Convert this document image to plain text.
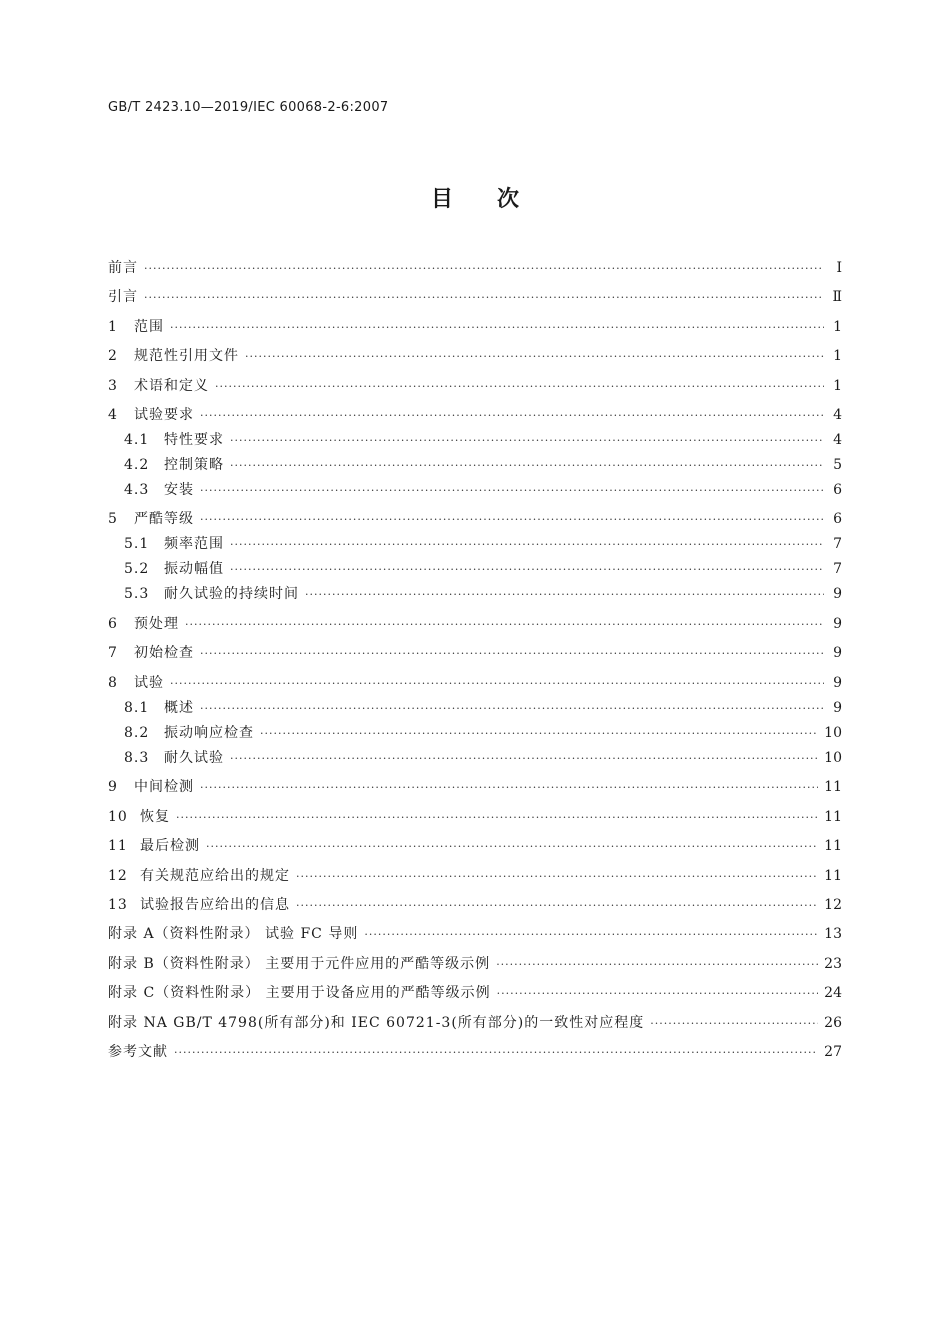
GB/T 2423.10—2019/IEC 60068-2-6:2007
目 次
前言 ·····	Ⅰ
引言 ·····	Ⅱ
1 范围 ·····	1
2 规范性引用文件 ·····	1
3 术语和定义 ·····	1
4 试验要求 ·····	4
4.1 特性要求 ·····	4
4.2 控制策略 ·····	5
4.3 安装 ·····	6
5 严酷等级 ·····	6
5.1 频率范围 ·····	7
5.2 振动幅值 ·····	7
5.3 耐久试验的持续时间 ·····	9
6 预处理 ·····	9
7 初始检查 ·····	9
8 试验 ·····	9
8.1 概述 ·····	9
8.2 振动响应检查 ·····	10
8.3 耐久试验 ·····	10
9 中间检测 ·····	11
10 恢复 ·····	11
11 最后检测 ·····	11
12 有关规范应给出的规定 ·····	11
13 试验报告应给出的信息 ·····	12
附录 A（资料性附录） 试验 FC 导则 ·····	13
附录 B（资料性附录） 主要用于元件应用的严酷等级示例 ·····	23
附录 C（资料性附录） 主要用于设备应用的严酷等级示例 ·····	24
附录 NA GB/T 4798(所有部分)和 IEC 60721-3(所有部分)的一致性对应程度 ·····	26
参考文献 ·····	27
